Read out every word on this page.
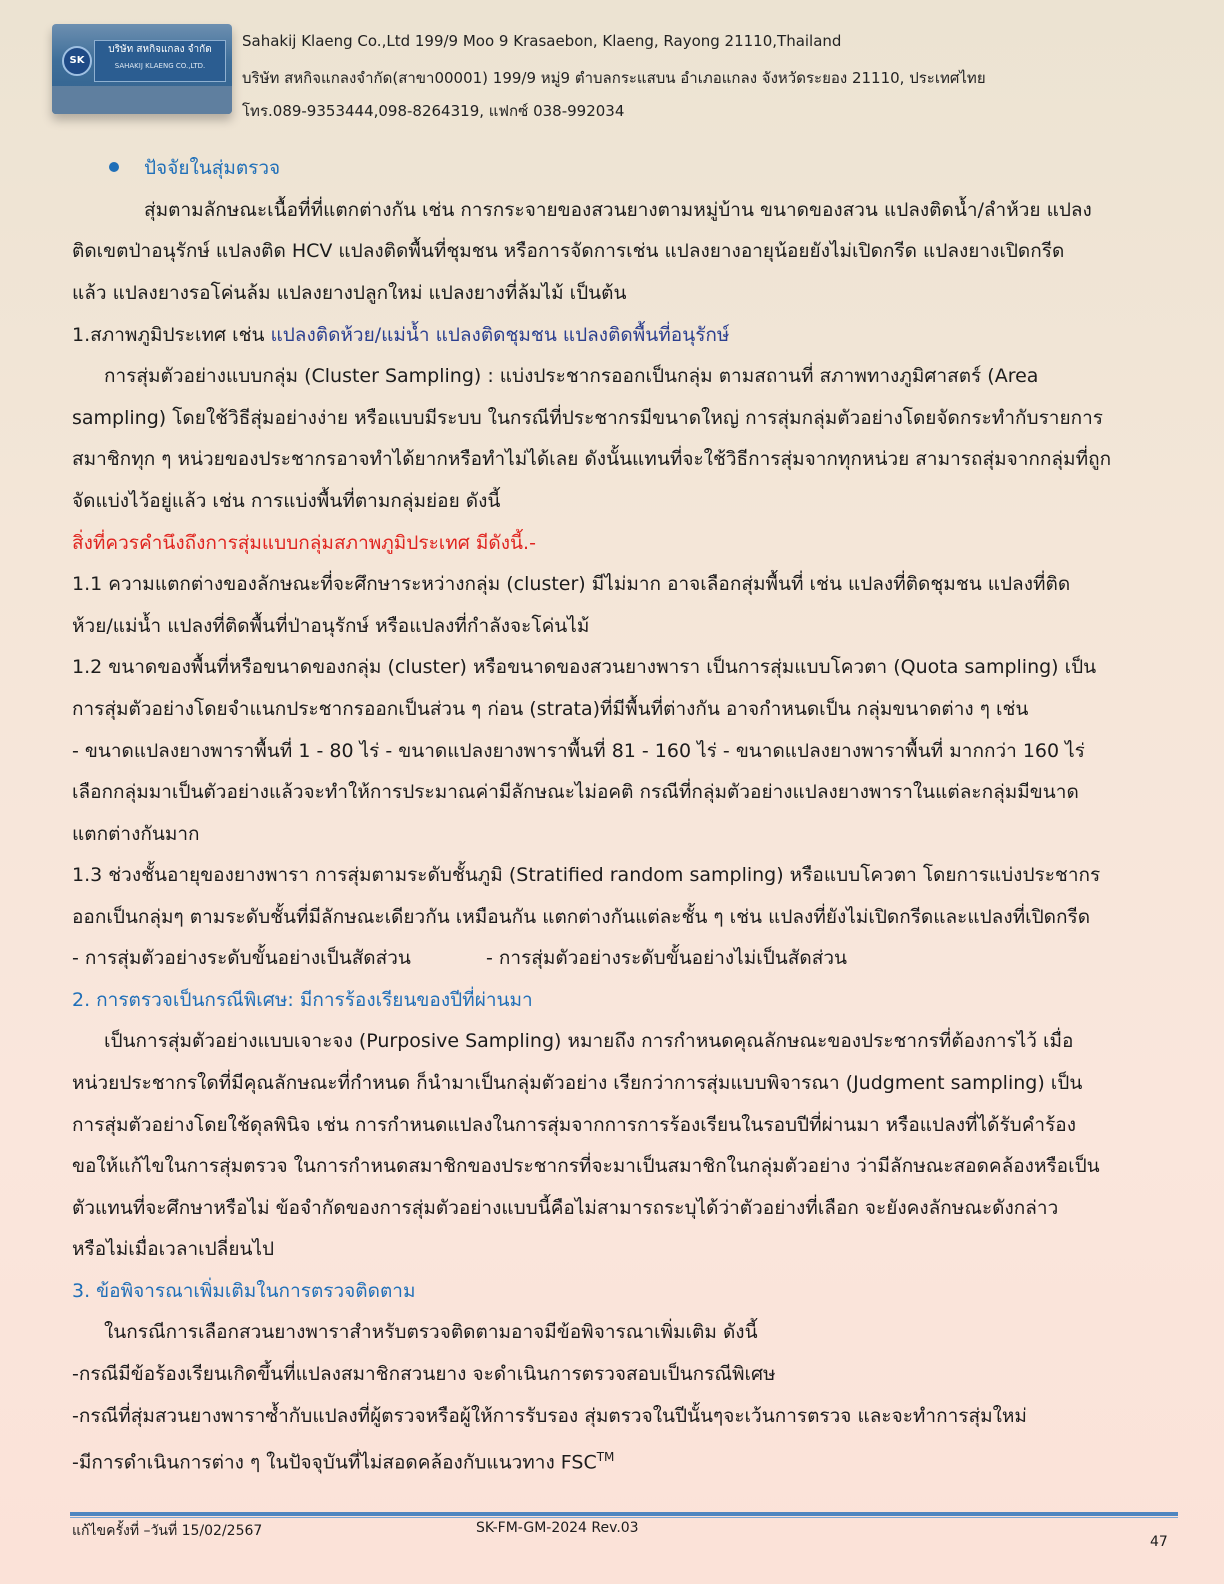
SK
บริษัท สหกิจแกลง จำกัด
SAHAKIJ KLAENG CO.,LTD.
Sahakij Klaeng Co.,Ltd 199/9 Moo 9 Krasaebon, Klaeng, Rayong 21110,Thailand
บริษัท สหกิจแกลงจำกัด(สาขา00001) 199/9 หมู่9 ตำบลกระแสบน อำเภอแกลง จังหวัดระยอง 21110, ประเทศไทย
โทร.089-9353444,098-8264319, แฟกซ์ 038-992034
ปัจจัยในสุ่มตรวจ
สุ่มตามลักษณะเนื้อที่ที่แตกต่างกัน เช่น การกระจายของสวนยางตามหมู่บ้าน ขนาดของสวน แปลงติดน้ำ/ลำห้วย แปลง
ติดเขตป่าอนุรักษ์ แปลงติด HCV แปลงติดพื้นที่ชุมชน หรือการจัดการเช่น แปลงยางอายุน้อยยังไม่เปิดกรีด แปลงยางเปิดกรีด
แล้ว แปลงยางรอโค่นล้ม แปลงยางปลูกใหม่ แปลงยางที่ล้มไม้ เป็นต้น
1.สภาพภูมิประเทศ เช่น แปลงติดห้วย/แม่น้ำ แปลงติดชุมชน แปลงติดพื้นที่อนุรักษ์
การสุ่มตัวอย่างแบบกลุ่ม (Cluster Sampling) : แบ่งประชากรออกเป็นกลุ่ม ตามสถานที่ สภาพทางภูมิศาสตร์ (Area
sampling) โดยใช้วิธีสุ่มอย่างง่าย หรือแบบมีระบบ ในกรณีที่ประชากรมีขนาดใหญ่ การสุ่มกลุ่มตัวอย่างโดยจัดกระทำกับรายการ
สมาชิกทุก ๆ หน่วยของประชากรอาจทำได้ยากหรือทำไม่ได้เลย ดังนั้นแทนที่จะใช้วิธีการสุ่มจากทุกหน่วย สามารถสุ่มจากกลุ่มที่ถูก
จัดแบ่งไว้อยู่แล้ว เช่น การแบ่งพื้นที่ตามกลุ่มย่อย ดังนี้
สิ่งที่ควรคำนึงถึงการสุ่มแบบกลุ่มสภาพภูมิประเทศ มีดังนี้.-
1.1 ความแตกต่างของลักษณะที่จะศึกษาระหว่างกลุ่ม (cluster) มีไม่มาก อาจเลือกสุ่มพื้นที่ เช่น แปลงที่ติดชุมชน แปลงที่ติด
ห้วย/แม่น้ำ แปลงที่ติดพื้นที่ป่าอนุรักษ์ หรือแปลงที่กำลังจะโค่นไม้
1.2 ขนาดของพื้นที่หรือขนาดของกลุ่ม (cluster) หรือขนาดของสวนยางพารา เป็นการสุ่มแบบโควตา (Quota sampling) เป็น
การสุ่มตัวอย่างโดยจำแนกประชากรออกเป็นส่วน ๆ ก่อน (strata)ที่มีพื้นที่ต่างกัน อาจกำหนดเป็น กลุ่มขนาดต่าง ๆ เช่น
- ขนาดแปลงยางพาราพื้นที่ 1 - 80 ไร่ - ขนาดแปลงยางพาราพื้นที่ 81 - 160 ไร่ - ขนาดแปลงยางพาราพื้นที่ มากกว่า 160 ไร่
เลือกกลุ่มมาเป็นตัวอย่างแล้วจะทำให้การประมาณค่ามีลักษณะไม่อคติ กรณีที่กลุ่มตัวอย่างแปลงยางพาราในแต่ละกลุ่มมีขนาด
แตกต่างกันมาก
1.3 ช่วงชั้นอายุของยางพารา การสุ่มตามระดับชั้นภูมิ (Stratified random sampling) หรือแบบโควตา โดยการแบ่งประชากร
ออกเป็นกลุ่มๆ ตามระดับชั้นที่มีลักษณะเดียวกัน เหมือนกัน แตกต่างกันแต่ละชั้น ๆ เช่น แปลงที่ยังไม่เปิดกรีดและแปลงที่เปิดกรีด
- การสุ่มตัวอย่างระดับขั้นอย่างเป็นสัดส่วน	- การสุ่มตัวอย่างระดับขั้นอย่างไม่เป็นสัดส่วน
2. การตรวจเป็นกรณีพิเศษ: มีการร้องเรียนของปีที่ผ่านมา
เป็นการสุ่มตัวอย่างแบบเจาะจง (Purposive Sampling) หมายถึง การกำหนดคุณลักษณะของประชากรที่ต้องการไว้ เมื่อ
หน่วยประชากรใดที่มีคุณลักษณะที่กำหนด ก็นำมาเป็นกลุ่มตัวอย่าง เรียกว่าการสุ่มแบบพิจารณา (Judgment sampling) เป็น
การสุ่มตัวอย่างโดยใช้ดุลพินิจ เช่น การกำหนดแปลงในการสุ่มจากการการร้องเรียนในรอบปีที่ผ่านมา หรือแปลงที่ได้รับคำร้อง
ขอให้แก้ไขในการสุ่มตรวจ ในการกำหนดสมาชิกของประชากรที่จะมาเป็นสมาชิกในกลุ่มตัวอย่าง ว่ามีลักษณะสอดคล้องหรือเป็น
ตัวแทนที่จะศึกษาหรือไม่ ข้อจำกัดของการสุ่มตัวอย่างแบบนี้คือไม่สามารถระบุได้ว่าตัวอย่างที่เลือก จะยังคงลักษณะดังกล่าว
หรือไม่เมื่อเวลาเปลี่ยนไป
3. ข้อพิจารณาเพิ่มเติมในการตรวจติดตาม
ในกรณีการเลือกสวนยางพาราสำหรับตรวจติดตามอาจมีข้อพิจารณาเพิ่มเติม ดังนี้
-กรณีมีข้อร้องเรียนเกิดขึ้นที่แปลงสมาชิกสวนยาง จะดำเนินการตรวจสอบเป็นกรณีพิเศษ
-กรณีที่สุ่มสวนยางพาราซ้ำกับแปลงที่ผู้ตรวจหรือผู้ให้การรับรอง สุ่มตรวจในปีนั้นๆจะเว้นการตรวจ และจะทำการสุ่มใหม่
-มีการดำเนินการต่าง ๆ ในปัจจุบันที่ไม่สอดคล้องกับแนวทาง FSC™
แก้ไขครั้งที่ –วันที่ 15/02/2567	SK-FM-GM-2024 Rev.03
47
